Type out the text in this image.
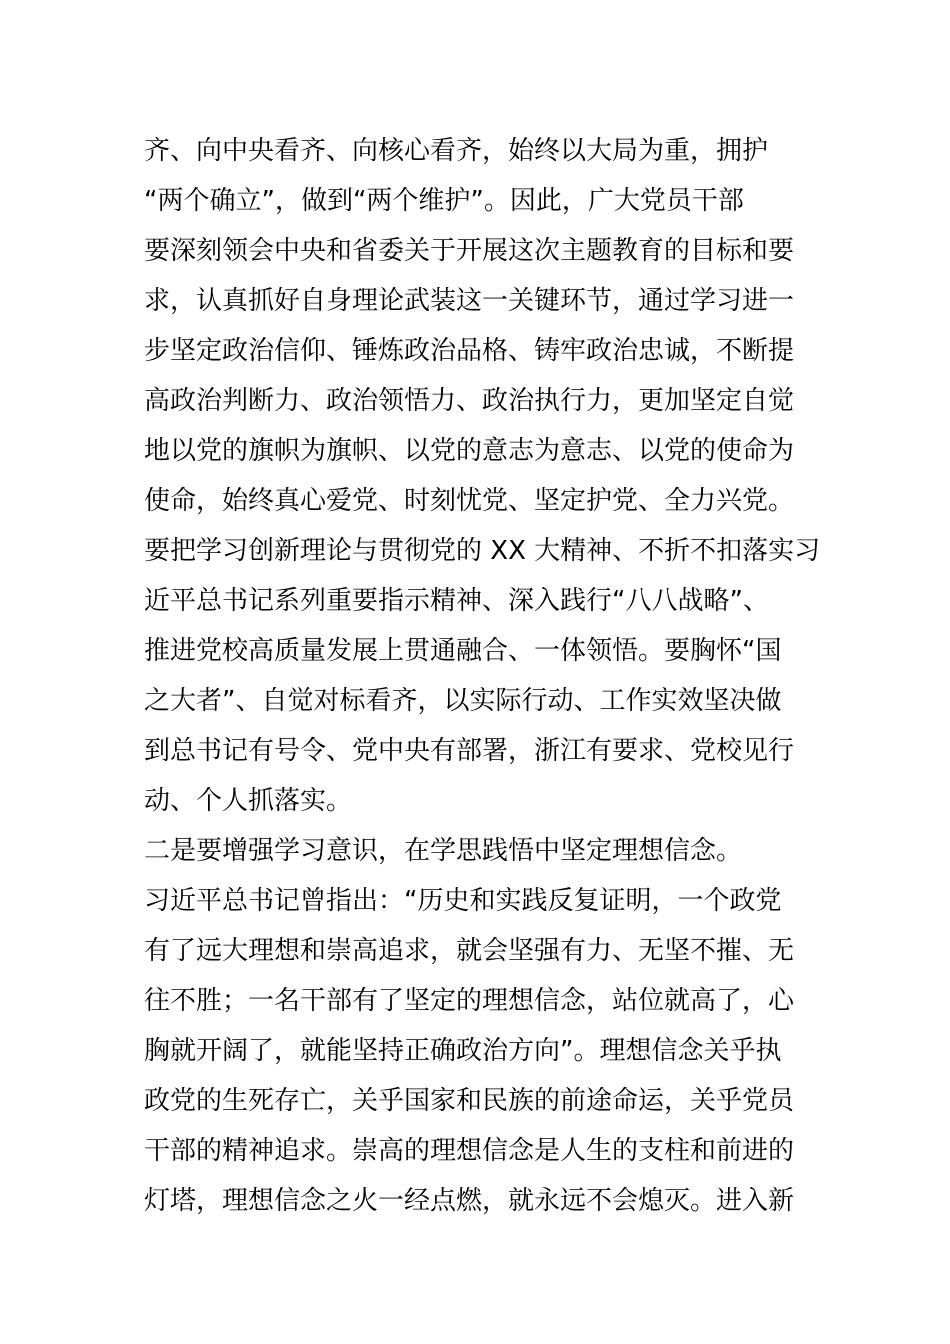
齐、向中央看齐、向核心看齐，始终以大局为重，拥护
“两个确立”，做到“两个维护”。因此，广大党员干部
要深刻领会中央和省委关于开展这次主题教育的目标和要
求，认真抓好自身理论武装这一关键环节，通过学习进一
步坚定政治信仰、锤炼政治品格、铸牢政治忠诚，不断提
高政治判断力、政治领悟力、政治执行力，更加坚定自觉
地以党的旗帜为旗帜、以党的意志为意志、以党的使命为
使命，始终真心爱党、时刻忧党、坚定护党、全力兴党。
要把学习创新理论与贯彻党的 XX 大精神、不折不扣落实习
近平总书记系列重要指示精神、深入践行“八八战略”、
推进党校高质量发展上贯通融合、一体领悟。要胸怀“国
之大者”、自觉对标看齐，以实际行动、工作实效坚决做
到总书记有号令、党中央有部署，浙江有要求、党校见行
动、个人抓落实。
二是要增强学习意识，在学思践悟中坚定理想信念。
习近平总书记曾指出：“历史和实践反复证明，一个政党
有了远大理想和崇高追求，就会坚强有力、无坚不摧、无
往不胜；一名干部有了坚定的理想信念，站位就高了，心
胸就开阔了，就能坚持正确政治方向”。理想信念关乎执
政党的生死存亡，关乎国家和民族的前途命运，关乎党员
干部的精神追求。崇高的理想信念是人生的支柱和前进的
灯塔，理想信念之火一经点燃，就永远不会熄灭。进入新
